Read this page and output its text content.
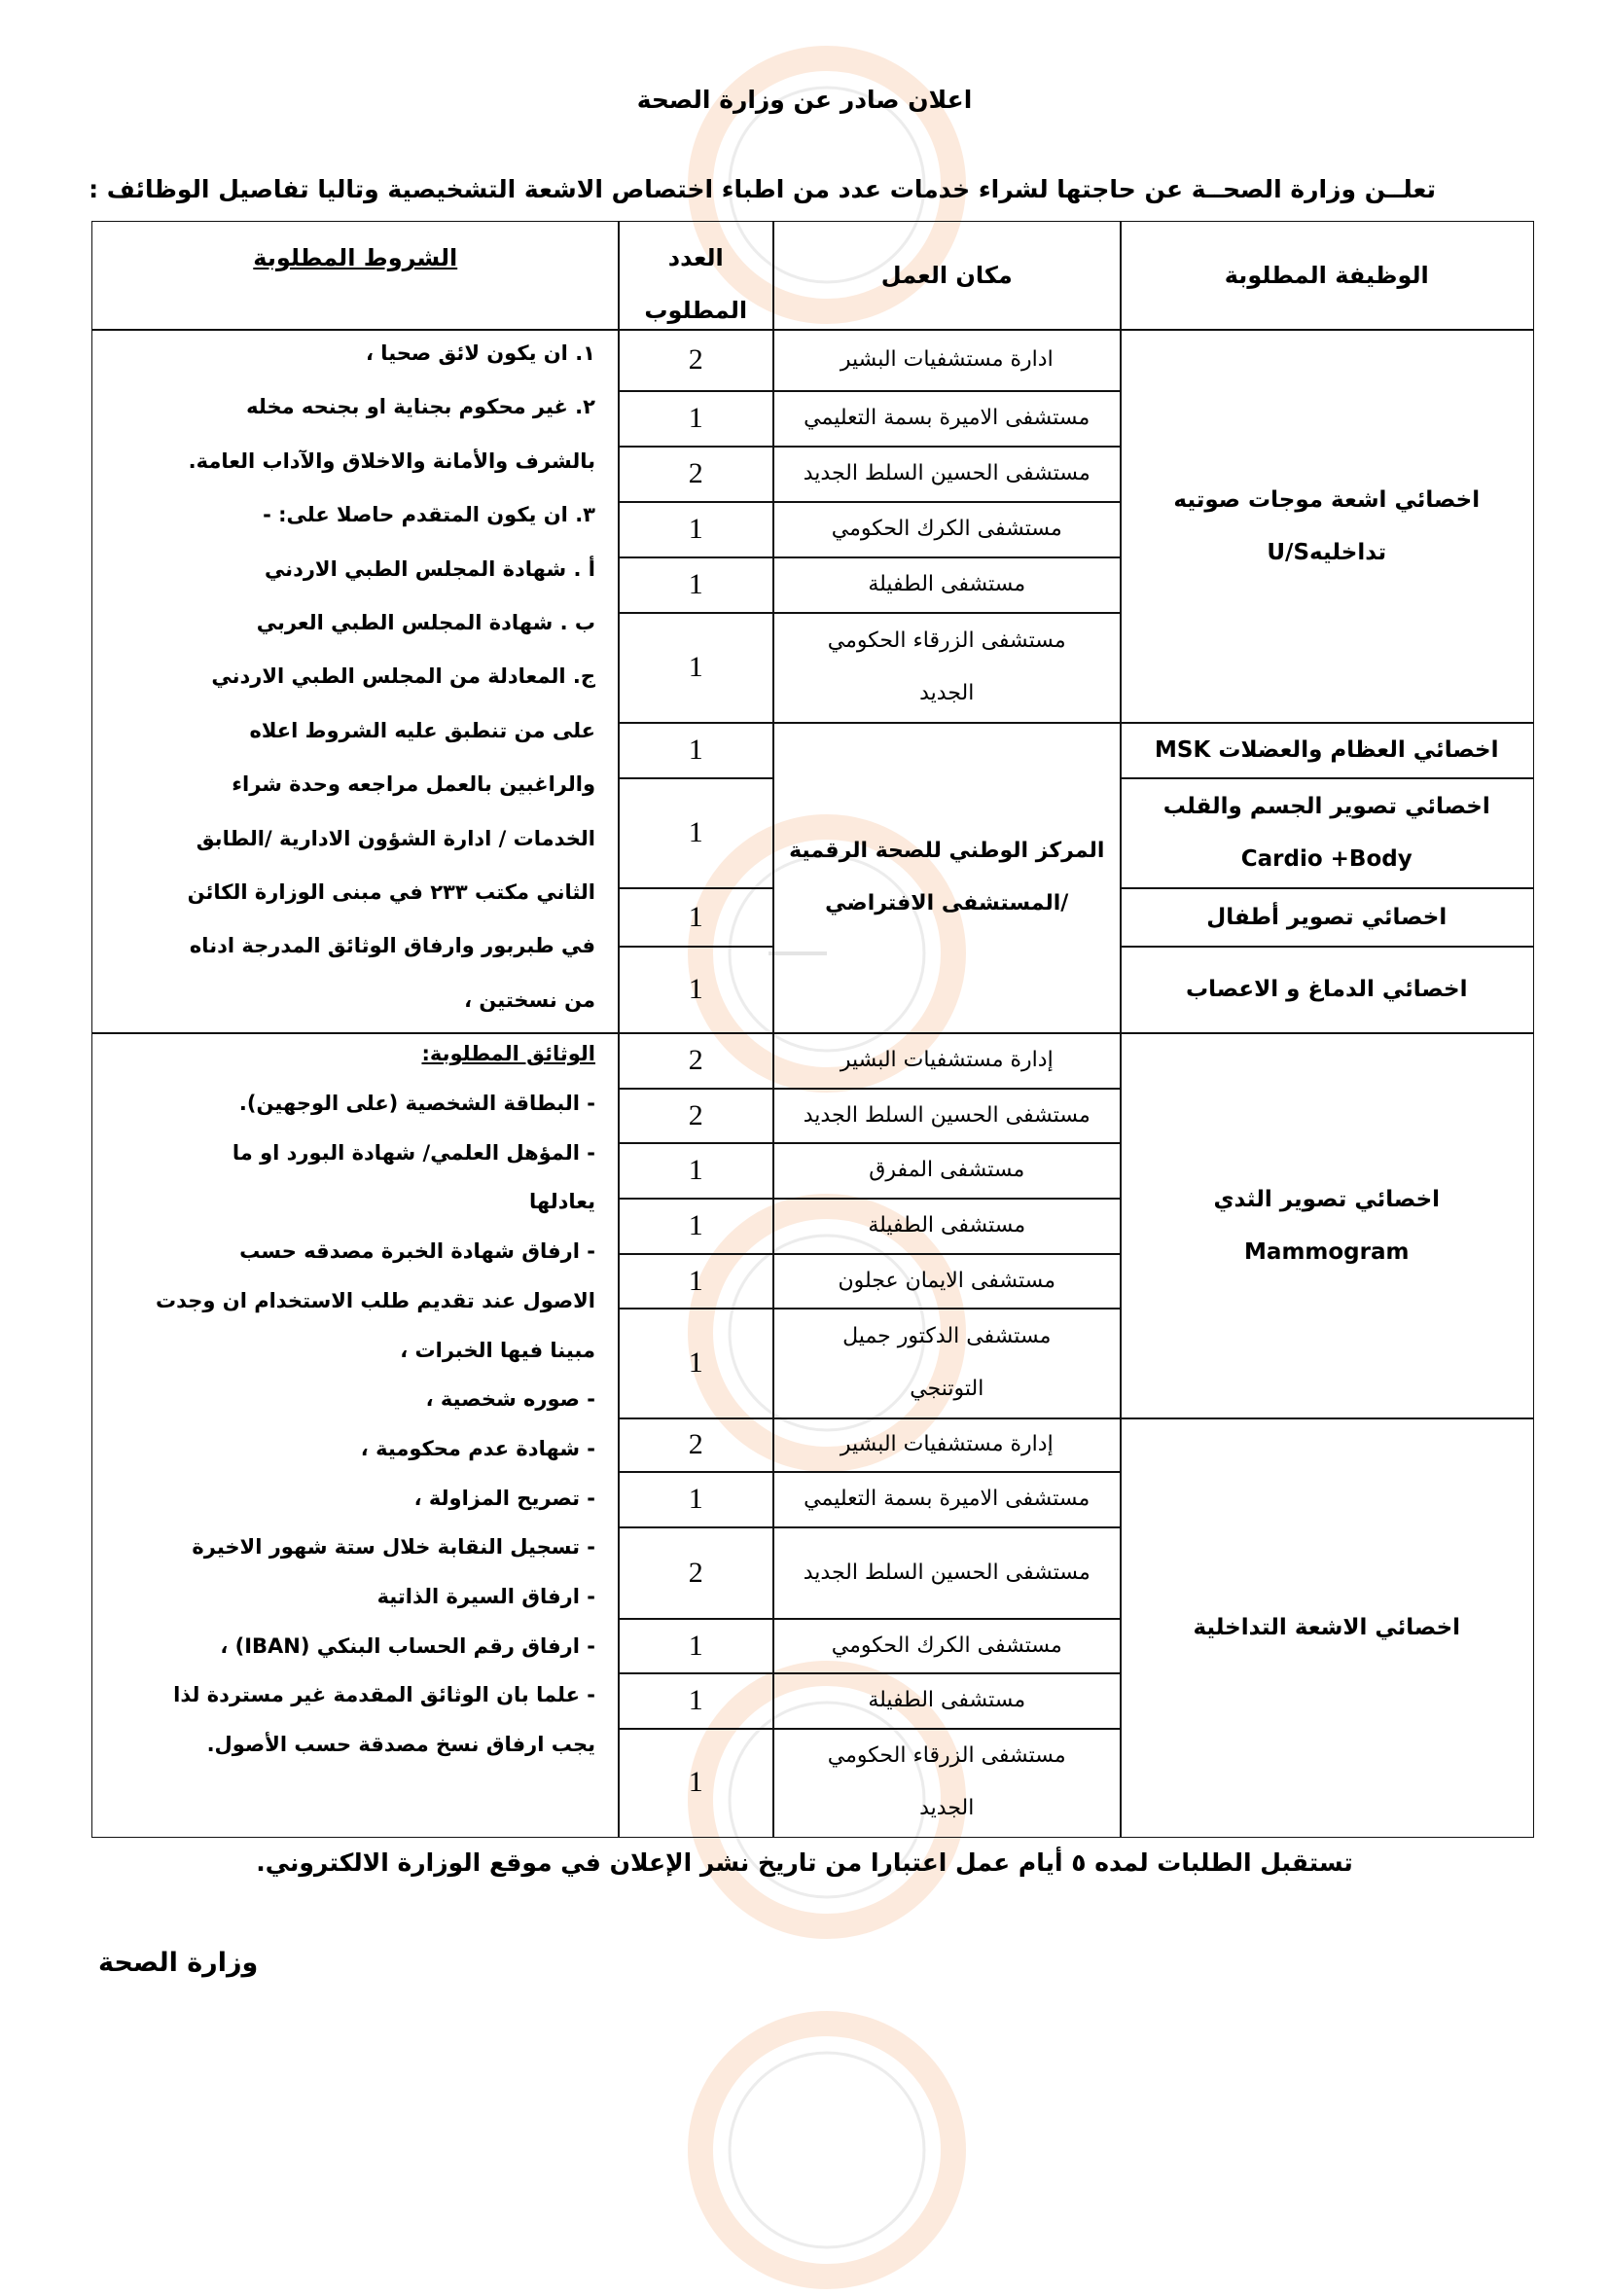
اعلان صادر عن وزارة الصحة
تعلــن وزارة الصحــة عن حاجتها لشراء خدمات عدد من اطباء اختصاص الاشعة التشخيصية وتاليا تفاصيل الوظائف :
الوظيفة المطلوبة
مكان العمل
العدد
المطلوب
الشروط المطلوبة
اخصائي اشعة موجات صوتيه
تداخليهU/S
ادارة مستشفيات البشير
2
مستشفى الاميرة بسمة التعليمي
1
مستشفى الحسين السلط الجديد
2
مستشفى الكرك الحكومي
1
مستشفى الطفيلة
1
مستشفى الزرقاء الحكومي
الجديد
1
المركز الوطني للصحة الرقمية
/المستشفى الافتراضي
اخصائي العظام والعضلات MSK
1
اخصائي تصوير الجسم والقلب
Cardio +Body
1
اخصائي تصوير أطفال
1
اخصائي الدماغ و الاعصاب
1
اخصائي تصوير الثدي
Mammogram
إدارة مستشفيات البشير
2
مستشفى الحسين السلط الجديد
2
مستشفى المفرق
1
مستشفى الطفيلة
1
مستشفى الايمان عجلون
1
مستشفى الدكتور جميل
التوتنجي
1
اخصائي الاشعة التداخلية
إدارة مستشفيات البشير
2
مستشفى الاميرة بسمة التعليمي
1
مستشفى الحسين السلط الجديد
2
مستشفى الكرك الحكومي
1
مستشفى الطفيلة
1
مستشفى الزرقاء الحكومي
الجديد
1
١. ان يكون لائق صحيا ،
٢. غير محكوم بجناية او بجنحه مخله
بالشرف والأمانة والاخلاق والآداب العامة.
٣. ان يكون المتقدم حاصلا على: -
أ . شهادة المجلس الطبي الاردني
ب . شهادة المجلس الطبي العربي
ج. المعادلة من المجلس الطبي الاردني
على من تنطبق عليه الشروط اعلاه
والراغبين بالعمل مراجعه وحدة شراء
الخدمات / ادارة الشؤون الادارية /الطابق
الثاني مكتب ٢٣٣ في مبنى الوزارة الكائن
في طبربور وارفاق الوثائق المدرجة ادناه
من نسختين ،
الوثائق المطلوبة:
- البطاقة الشخصية (على الوجهين).
- المؤهل العلمي/ شهادة البورد او ما
يعادلها
- ارفاق شهادة الخبرة مصدقه حسب
الاصول عند تقديم طلب الاستخدام ان وجدت
مبينا فيها الخبرات ،
- صوره شخصية ،
- شهادة عدم محكومية ،
- تصريح المزاولة ،
- تسجيل النقابة خلال ستة شهور الاخيرة
- ارفاق السيرة الذاتية
- ارفاق رقم الحساب البنكي (IBAN) ،
- علما بان الوثائق المقدمة غير مستردة لذا
يجب ارفاق نسخ مصدقة حسب الأصول.
تستقبل الطلبات لمده ٥ أيام عمل اعتبارا من تاريخ نشر الإعلان في موقع الوزارة الالكتروني.
وزارة الصحة
